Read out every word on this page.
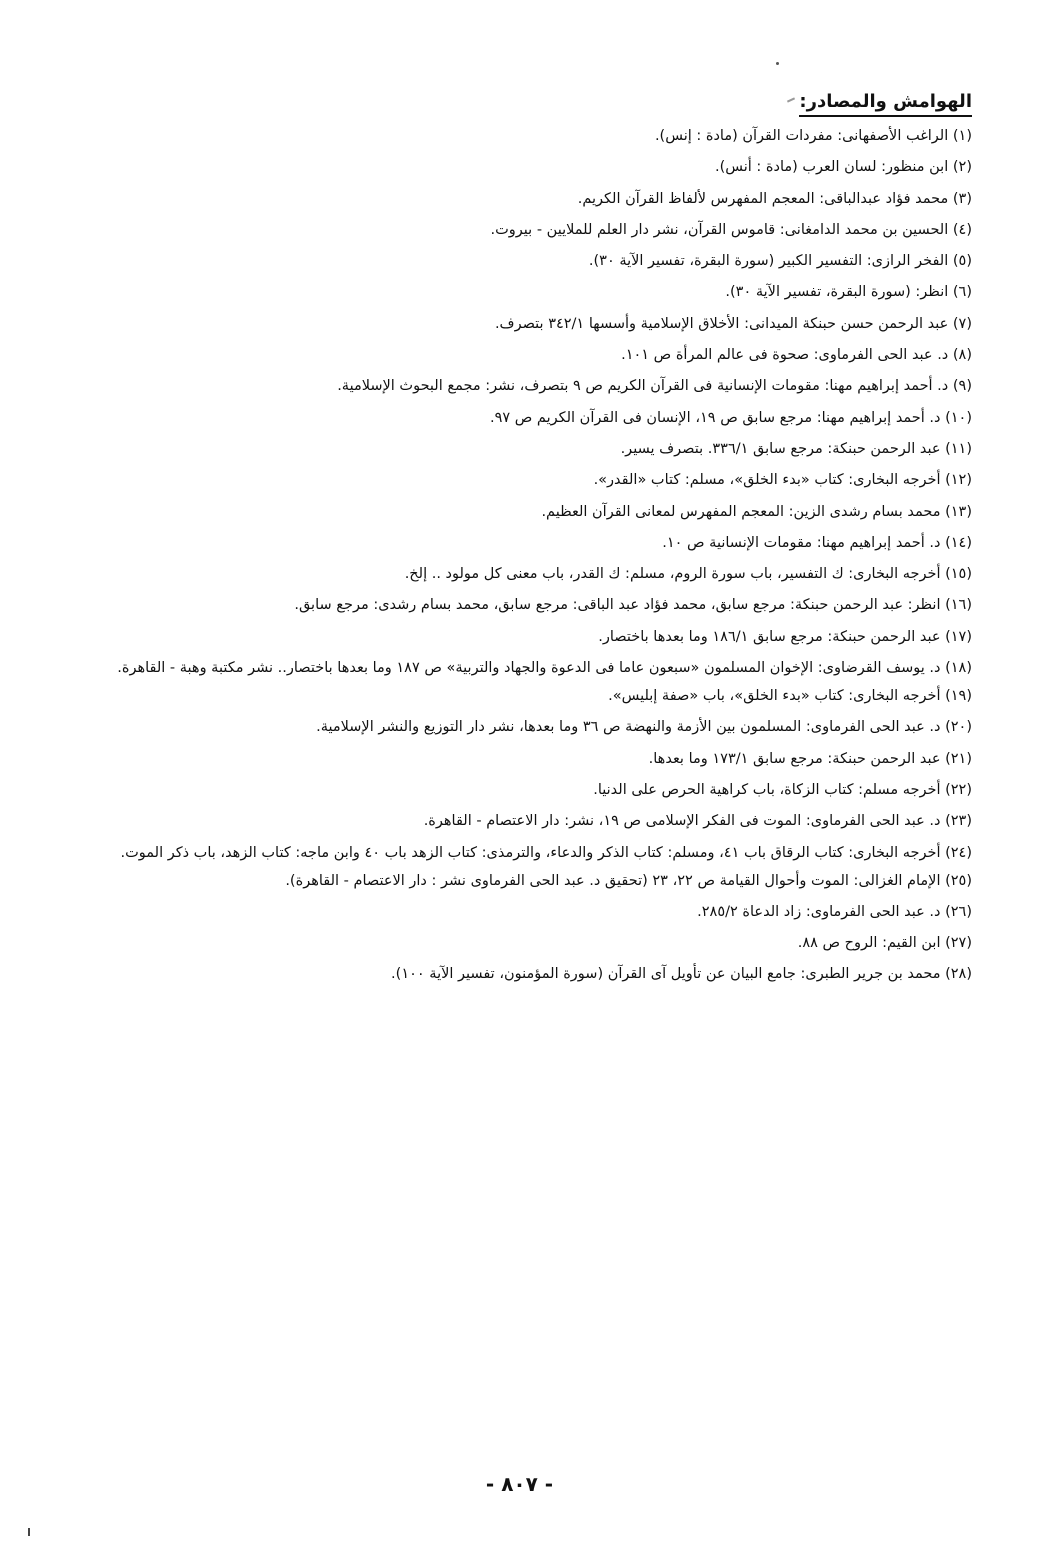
الهوامش والمصادر:
(١) الراغب الأصفهانى: مفردات القرآن (مادة : إنس).
(٢) ابن منظور: لسان العرب (مادة : أنس).
(٣) محمد فؤاد عبدالباقى: المعجم المفهرس لألفاظ القرآن الكريم.
(٤) الحسين بن محمد الدامغانى: قاموس القرآن، نشر دار العلم للملايين - بيروت.
(٥) الفخر الرازى: التفسير الكبير (سورة البقرة، تفسير الآية ٣٠).
(٦) انظر: (سورة البقرة، تفسير الآية ٣٠).
(٧) عبد الرحمن حسن حبنكة الميدانى: الأخلاق الإسلامية وأسسها ٣٤٢/١ بتصرف.
(٨) د. عبد الحى الفرماوى: صحوة فى عالم المرأة ص ١٠١.
(٩) د. أحمد إبراهيم مهنا: مقومات الإنسانية فى القرآن الكريم ص ٩ بتصرف، نشر: مجمع البحوث الإسلامية.
(١٠) د. أحمد إبراهيم مهنا: مرجع سابق ص ١٩، الإنسان فى القرآن الكريم ص ٩٧.
(١١) عبد الرحمن حبنكة: مرجع سابق ٣٣٦/١. بتصرف يسير.
(١٢) أخرجه البخارى: كتاب «بدء الخلق»، مسلم: كتاب «القدر».
(١٣) محمد بسام رشدى الزين: المعجم المفهرس لمعانى القرآن العظيم.
(١٤) د. أحمد إبراهيم مهنا: مقومات الإنسانية ص ١٠.
(١٥) أخرجه البخارى: ك التفسير، باب سورة الروم، مسلم: ك القدر، باب معنى كل مولود .. إلخ.
(١٦) انظر: عبد الرحمن حبنكة: مرجع سابق، محمد فؤاد عبد الباقى: مرجع سابق، محمد بسام رشدى: مرجع سابق.
(١٧) عبد الرحمن حبنكة: مرجع سابق ١٨٦/١ وما بعدها باختصار.
(١٨) د. يوسف القرضاوى: الإخوان المسلمون «سبعون عاما فى الدعوة والجهاد والتربية» ص ١٨٧ وما بعدها باختصار.. نشر مكتبة وهبة - القاهرة.
(١٩) أخرجه البخارى: كتاب «بدء الخلق»، باب «صفة إبليس».
(٢٠) د. عبد الحى الفرماوى: المسلمون بين الأزمة والنهضة ص ٣٦ وما بعدها، نشر دار التوزيع والنشر الإسلامية.
(٢١) عبد الرحمن حبنكة: مرجع سابق ١٧٣/١ وما بعدها.
(٢٢) أخرجه مسلم: كتاب الزكاة، باب كراهية الحرص على الدنيا.
(٢٣) د. عبد الحى الفرماوى: الموت فى الفكر الإسلامى ص ١٩، نشر: دار الاعتصام - القاهرة.
(٢٤) أخرجه البخارى: كتاب الرقاق باب ٤١، ومسلم: كتاب الذكر والدعاء، والترمذى: كتاب الزهد باب ٤٠ وابن ماجه: كتاب الزهد، باب ذكر الموت.
(٢٥) الإمام الغزالى: الموت وأحوال القيامة ص ٢٢، ٢٣ (تحقيق د. عبد الحى الفرماوى نشر : دار الاعتصام - القاهرة).
(٢٦) د. عبد الحى الفرماوى: زاد الدعاة ٢٨٥/٢.
(٢٧) ابن القيم: الروح ص ٨٨.
(٢٨) محمد بن جرير الطبرى: جامع البيان عن تأويل آى القرآن (سورة المؤمنون، تفسير الآية ١٠٠).
- ٨٠٧ -
